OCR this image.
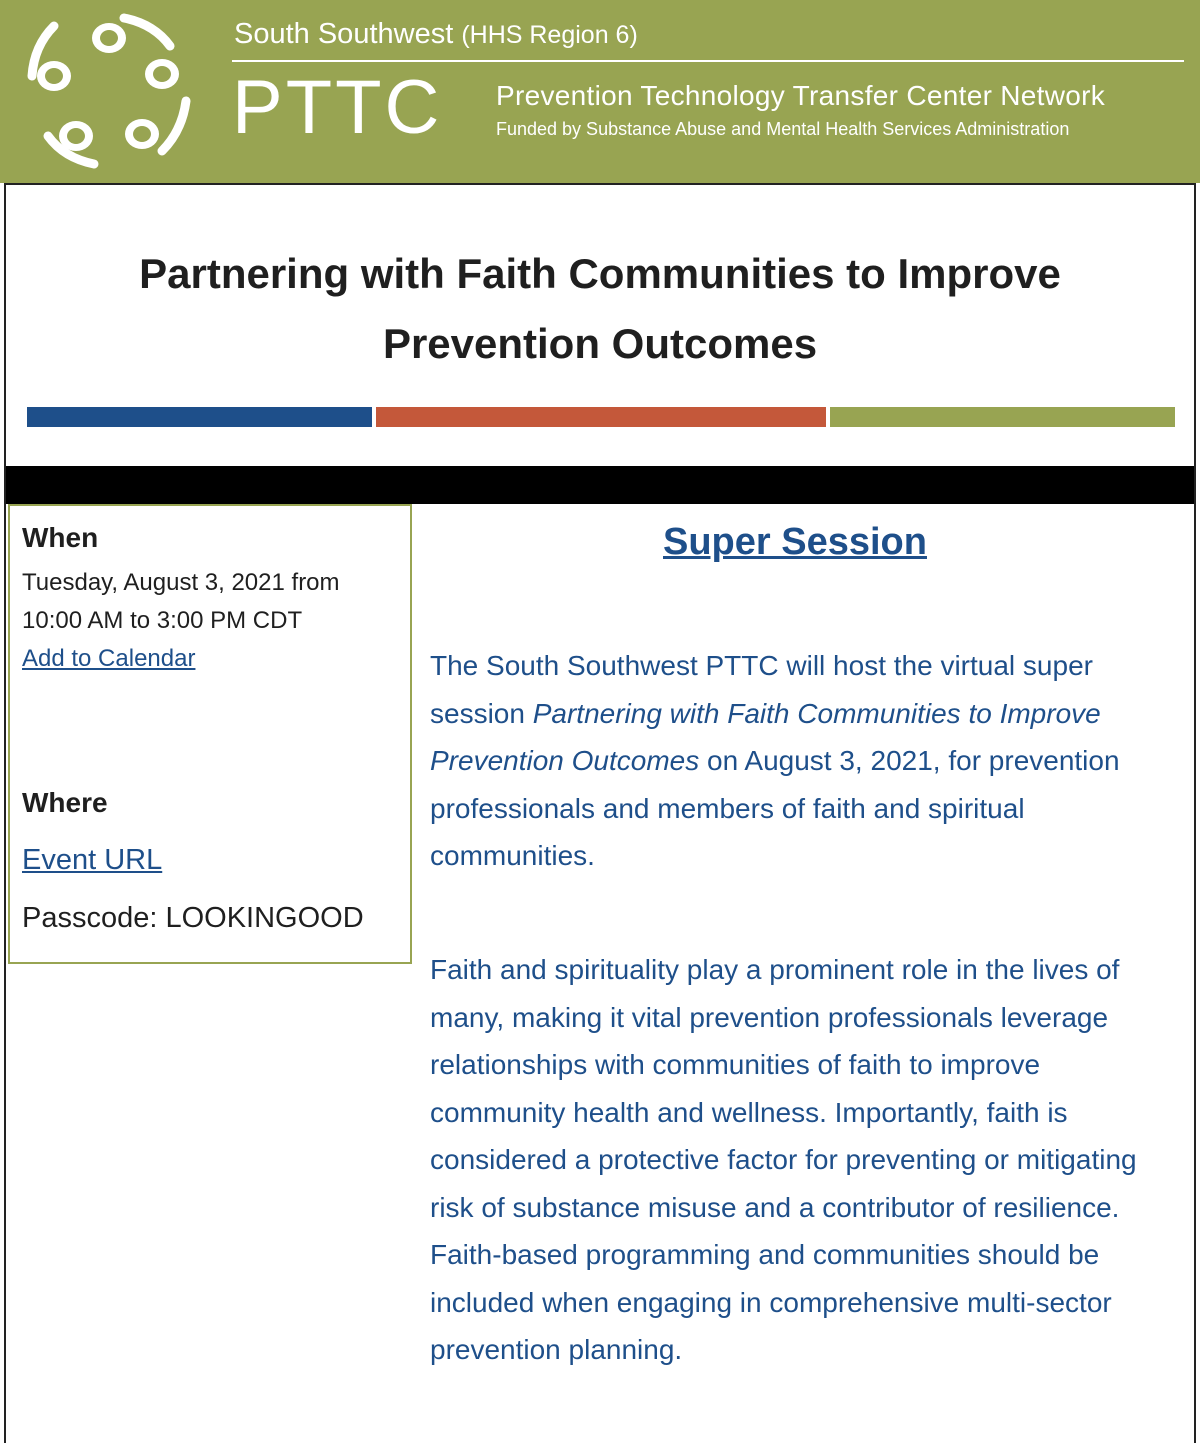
South Southwest (HHS Region 6)
PTTC Prevention Technology Transfer Center Network
Funded by Substance Abuse and Mental Health Services Administration
Partnering with Faith Communities to Improve
Prevention Outcomes
When
Tuesday, August 3, 2021 from
10:00 AM to 3:00 PM CDT
Add to Calendar
Where
Event URL
Passcode: LOOKINGOOD
Super Session
The South Southwest PTTC will host the virtual super session Partnering with Faith Communities to Improve Prevention Outcomes on August 3, 2021, for prevention professionals and members of faith and spiritual communities.
Faith and spirituality play a prominent role in the lives of many, making it vital prevention professionals leverage relationships with communities of faith to improve community health and wellness. Importantly, faith is considered a protective factor for preventing or mitigating risk of substance misuse and a contributor of resilience. Faith-based programming and communities should be included when engaging in comprehensive multi-sector prevention planning.
